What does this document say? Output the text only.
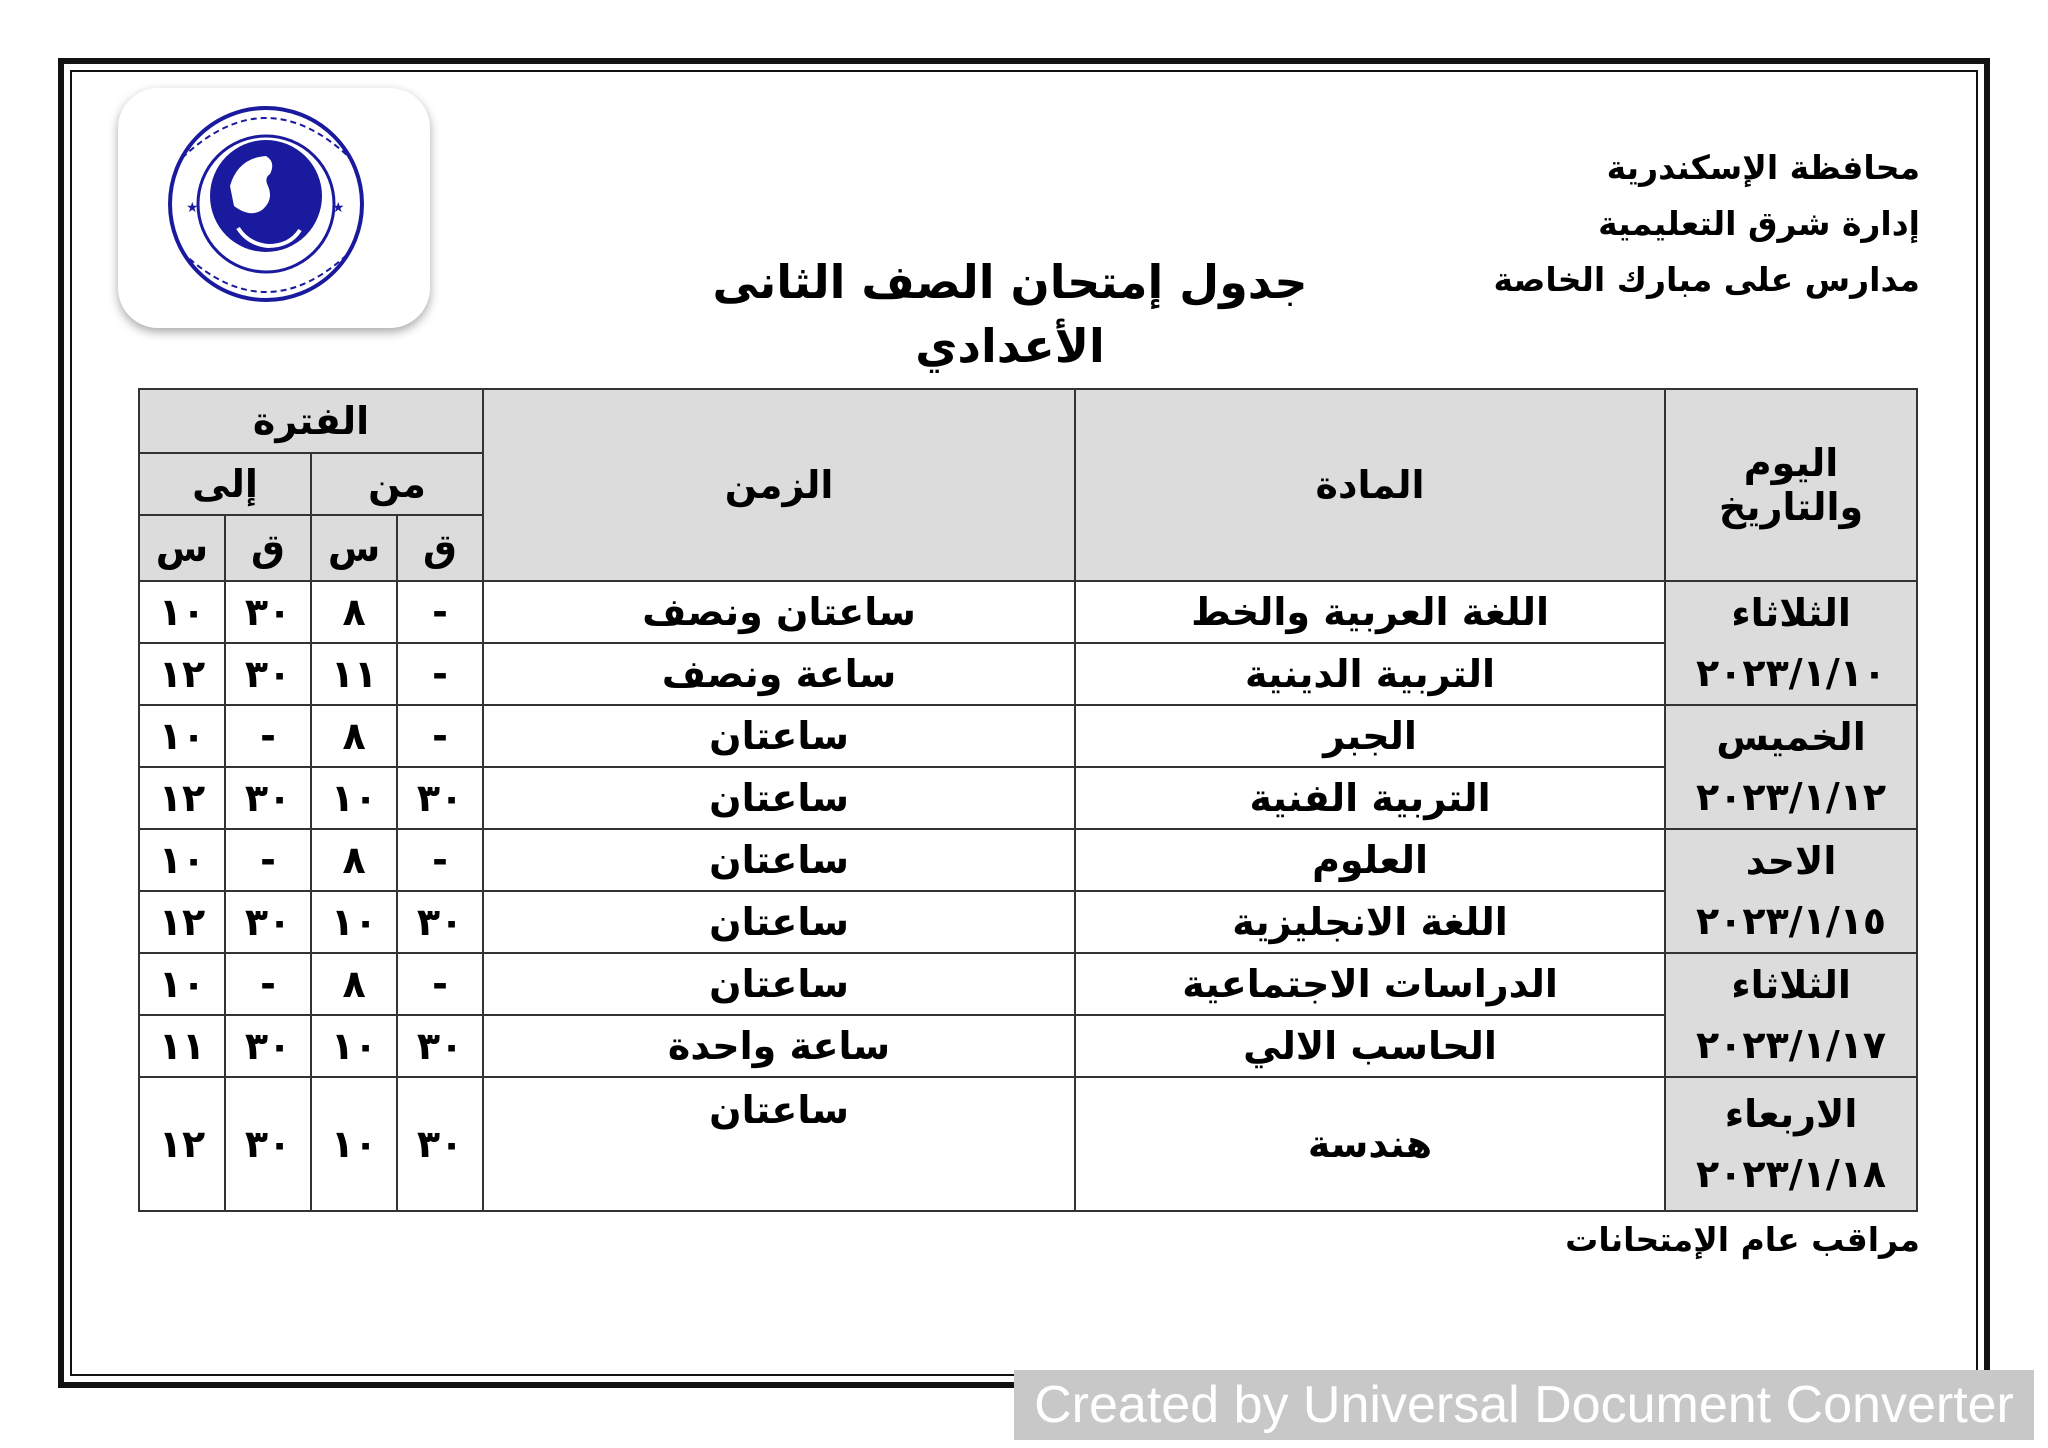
★	★
محافظة الإسكندرية
إدارة شرق التعليمية
مدارس على مبارك الخاصة
جدول إمتحان الصف الثانى الأعدادي
اليوم والتاريخ	المادة	الزمن	الفترة			
			من		إلى	
			ق	س	ق	س

الثلاثاء
٢٠٢٣/١/١٠	اللغة العربية والخط	ساعتان ونصف	-	٨	٣٠	١٠
	التربية الدينية	ساعة ونصف	-	١١	٣٠	١٢

الخميس
٢٠٢٣/١/١٢	الجبر	ساعتان	-	٨	-	١٠
	التربية الفنية	ساعتان	٣٠	١٠	٣٠	١٢

الاحد
٢٠٢٣/١/١٥	العلوم	ساعتان	-	٨	-	١٠
	اللغة الانجليزية	ساعتان	٣٠	١٠	٣٠	١٢

الثلاثاء
٢٠٢٣/١/١٧	الدراسات الاجتماعية	ساعتان	-	٨	-	١٠
	الحاسب الالي	ساعة واحدة	٣٠	١٠	٣٠	١١

الاربعاء
٢٠٢٣/١/١٨	هندسة	ساعتان	٣٠	١٠	٣٠	١٢
مراقب عام الإمتحانات
Created by Universal Document Converter
